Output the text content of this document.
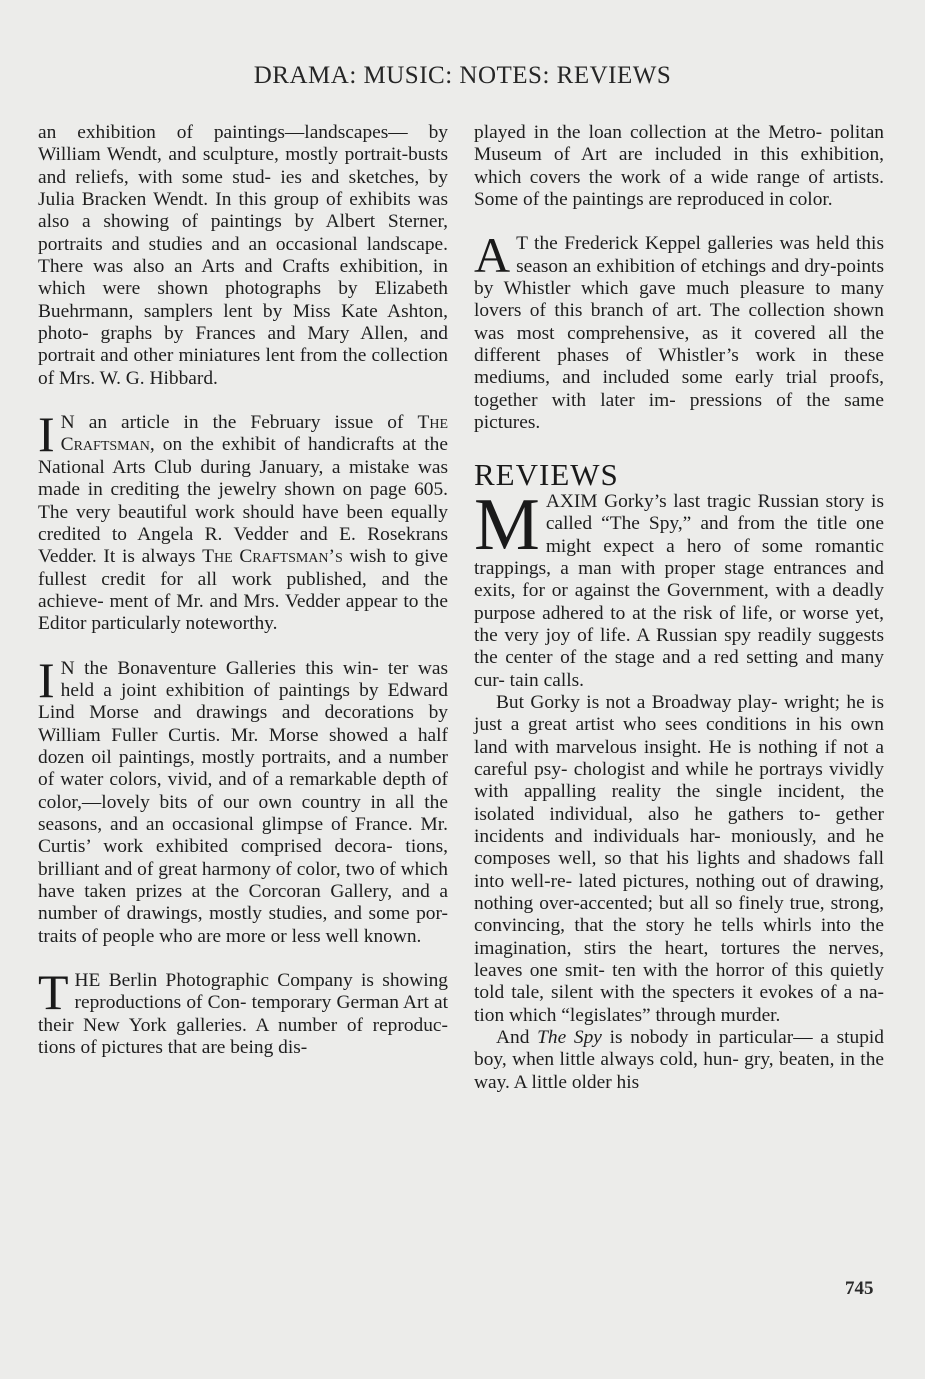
DRAMA: MUSIC: NOTES: REVIEWS

an exhibition of paintings—landscapes— by William Wendt, and sculpture, mostly portrait-busts and reliefs, with some stud- ies and sketches, by Julia Bracken Wendt. In this group of exhibits was also a showing of paintings by Albert Sterner, portraits and studies and an occasional landscape. There was also an Arts and Crafts exhibition, in which were shown photographs by Elizabeth Buehrmann, samplers lent by Miss Kate Ashton, photo- graphs by Frances and Mary Allen, and portrait and other miniatures lent from the collection of Mrs. W. G. Hibbard.

I N an article in the February issue of The Craftsman, on the exhibit of handicrafts at the National Arts Club during January, a mistake was made in crediting the jewelry shown on page 605. The very beautiful work should have been equally credited to Angela R. Vedder and E. Rosekrans Vedder. It is always The Craftsman’s wish to give fullest credit for all work published, and the achieve- ment of Mr. and Mrs. Vedder appear to the Editor particularly noteworthy.

I N the Bonaventure Galleries this win- ter was held a joint exhibition of paintings by Edward Lind Morse and drawings and decorations by William Fuller Curtis. Mr. Morse showed a half dozen oil paintings, mostly portraits, and a number of water colors, vivid, and of a remarkable depth of color,—lovely bits of our own country in all the seasons, and an occasional glimpse of France. Mr. Curtis’ work exhibited comprised decora- tions, brilliant and of great harmony of color, two of which have taken prizes at the Corcoran Gallery, and a number of drawings, mostly studies, and some por- traits of people who are more or less well known.

THE Berlin Photographic Company is showing reproductions of Con- temporary German Art at their New York galleries. A number of reproduc- tions of pictures that are being dis-

played in the loan collection at the Metro- politan Museum of Art are included in this exhibition, which covers the work of a wide range of artists. Some of the paintings are reproduced in color.

A T the Frederick Keppel galleries was held this season an exhibition of etchings and dry-points by Whistler which gave much pleasure to many lovers of this branch of art. The collection shown was most comprehensive, as it covered all the different phases of Whistler’s work in these mediums, and included some early trial proofs, together with later im- pressions of the same pictures.

REVIEWS

MAXIM Gorky’s last tragic Russian story is called “The Spy,” and from the title one might expect a hero of some romantic trappings, a man with proper stage entrances and exits, for or against the Government, with a deadly purpose adhered to at the risk of life, or worse yet, the very joy of life. A Russian spy readily suggests the center of the stage and a red setting and many cur- tain calls.

But Gorky is not a Broadway play- wright; he is just a great artist who sees conditions in his own land with marvelous insight. He is nothing if not a careful psy- chologist and while he portrays vividly with appalling reality the single incident, the isolated individual, also he gathers to- gether incidents and individuals har- moniously, and he composes well, so that his lights and shadows fall into well-re- lated pictures, nothing out of drawing, nothing over-accented; but all so finely true, strong, convincing, that the story he tells whirls into the imagination, stirs the heart, tortures the nerves, leaves one smit- ten with the horror of this quietly told tale, silent with the specters it evokes of a na- tion which “legislates” through murder.

And The Spy is nobody in particular— a stupid boy, when little always cold, hun- gry, beaten, in the way. A little older his

745
